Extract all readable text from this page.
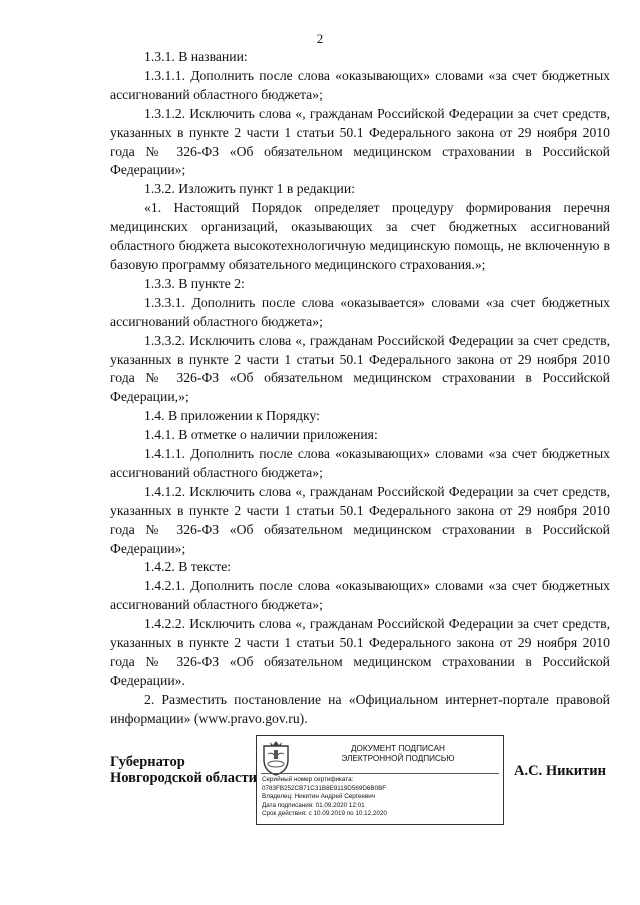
2

1.3.1. В названии:

1.3.1.1. Дополнить после слова «оказывающих» словами «за счет бюджетных ассигнований областного бюджета»;

1.3.1.2. Исключить слова «, гражданам Российской Федерации за счет средств, указанных в пункте 2 части 1 статьи 50.1 Федерального закона от 29 ноября 2010 года № 326-ФЗ «Об обязательном медицинском страховании в Российской Федерации»;

1.3.2. Изложить пункт 1 в редакции:

«1. Настоящий Порядок определяет процедуру формирования перечня медицинских организаций, оказывающих за счет бюджетных ассигнований областного бюджета высокотехнологичную медицинскую помощь, не включенную в базовую программу обязательного медицинского страхования.»;

1.3.3. В пункте 2:

1.3.3.1. Дополнить после слова «оказывается» словами «за счет бюджетных ассигнований областного бюджета»;

1.3.3.2. Исключить слова «, гражданам Российской Федерации за счет средств, указанных в пункте 2 части 1 статьи 50.1 Федерального закона от 29 ноября 2010 года № 326-ФЗ «Об обязательном медицинском страховании в Российской Федерации,»;

1.4. В приложении к Порядку:

1.4.1. В отметке о наличии приложения:

1.4.1.1. Дополнить после слова «оказывающих» словами «за счет бюджетных ассигнований областного бюджета»;

1.4.1.2. Исключить слова «, гражданам Российской Федерации за счет средств, указанных в пункте 2 части 1 статьи 50.1 Федерального закона от 29 ноября 2010 года № 326-ФЗ «Об обязательном медицинском страховании в Российской Федерации»;

1.4.2. В тексте:

1.4.2.1. Дополнить после слова «оказывающих» словами «за счет бюджетных ассигнований областного бюджета»;

1.4.2.2. Исключить слова «, гражданам Российской Федерации за счет средств, указанных в пункте 2 части 1 статьи 50.1 Федерального закона от 29 ноября 2010 года № 326-ФЗ «Об обязательном медицинском страховании в Российской Федерации».

2. Разместить постановление на «Официальном интернет-портале правовой информации» (www.pravo.gov.ru).

Губернатор
Новгородской области
ДОКУМЕНТ ПОДПИСАН
ЭЛЕКТРОННОЙ ПОДПИСЬЮ
Серийный номер сертификата:
0783FB252CB71C31B8E9119D569D6B0BF
Владелец: Никитин Андрей Сергеевич
Дата подписания: 01.09.2020 12:01
Срок действия: с 10.09.2019 по 10.12.2020
А.С. Никитин
